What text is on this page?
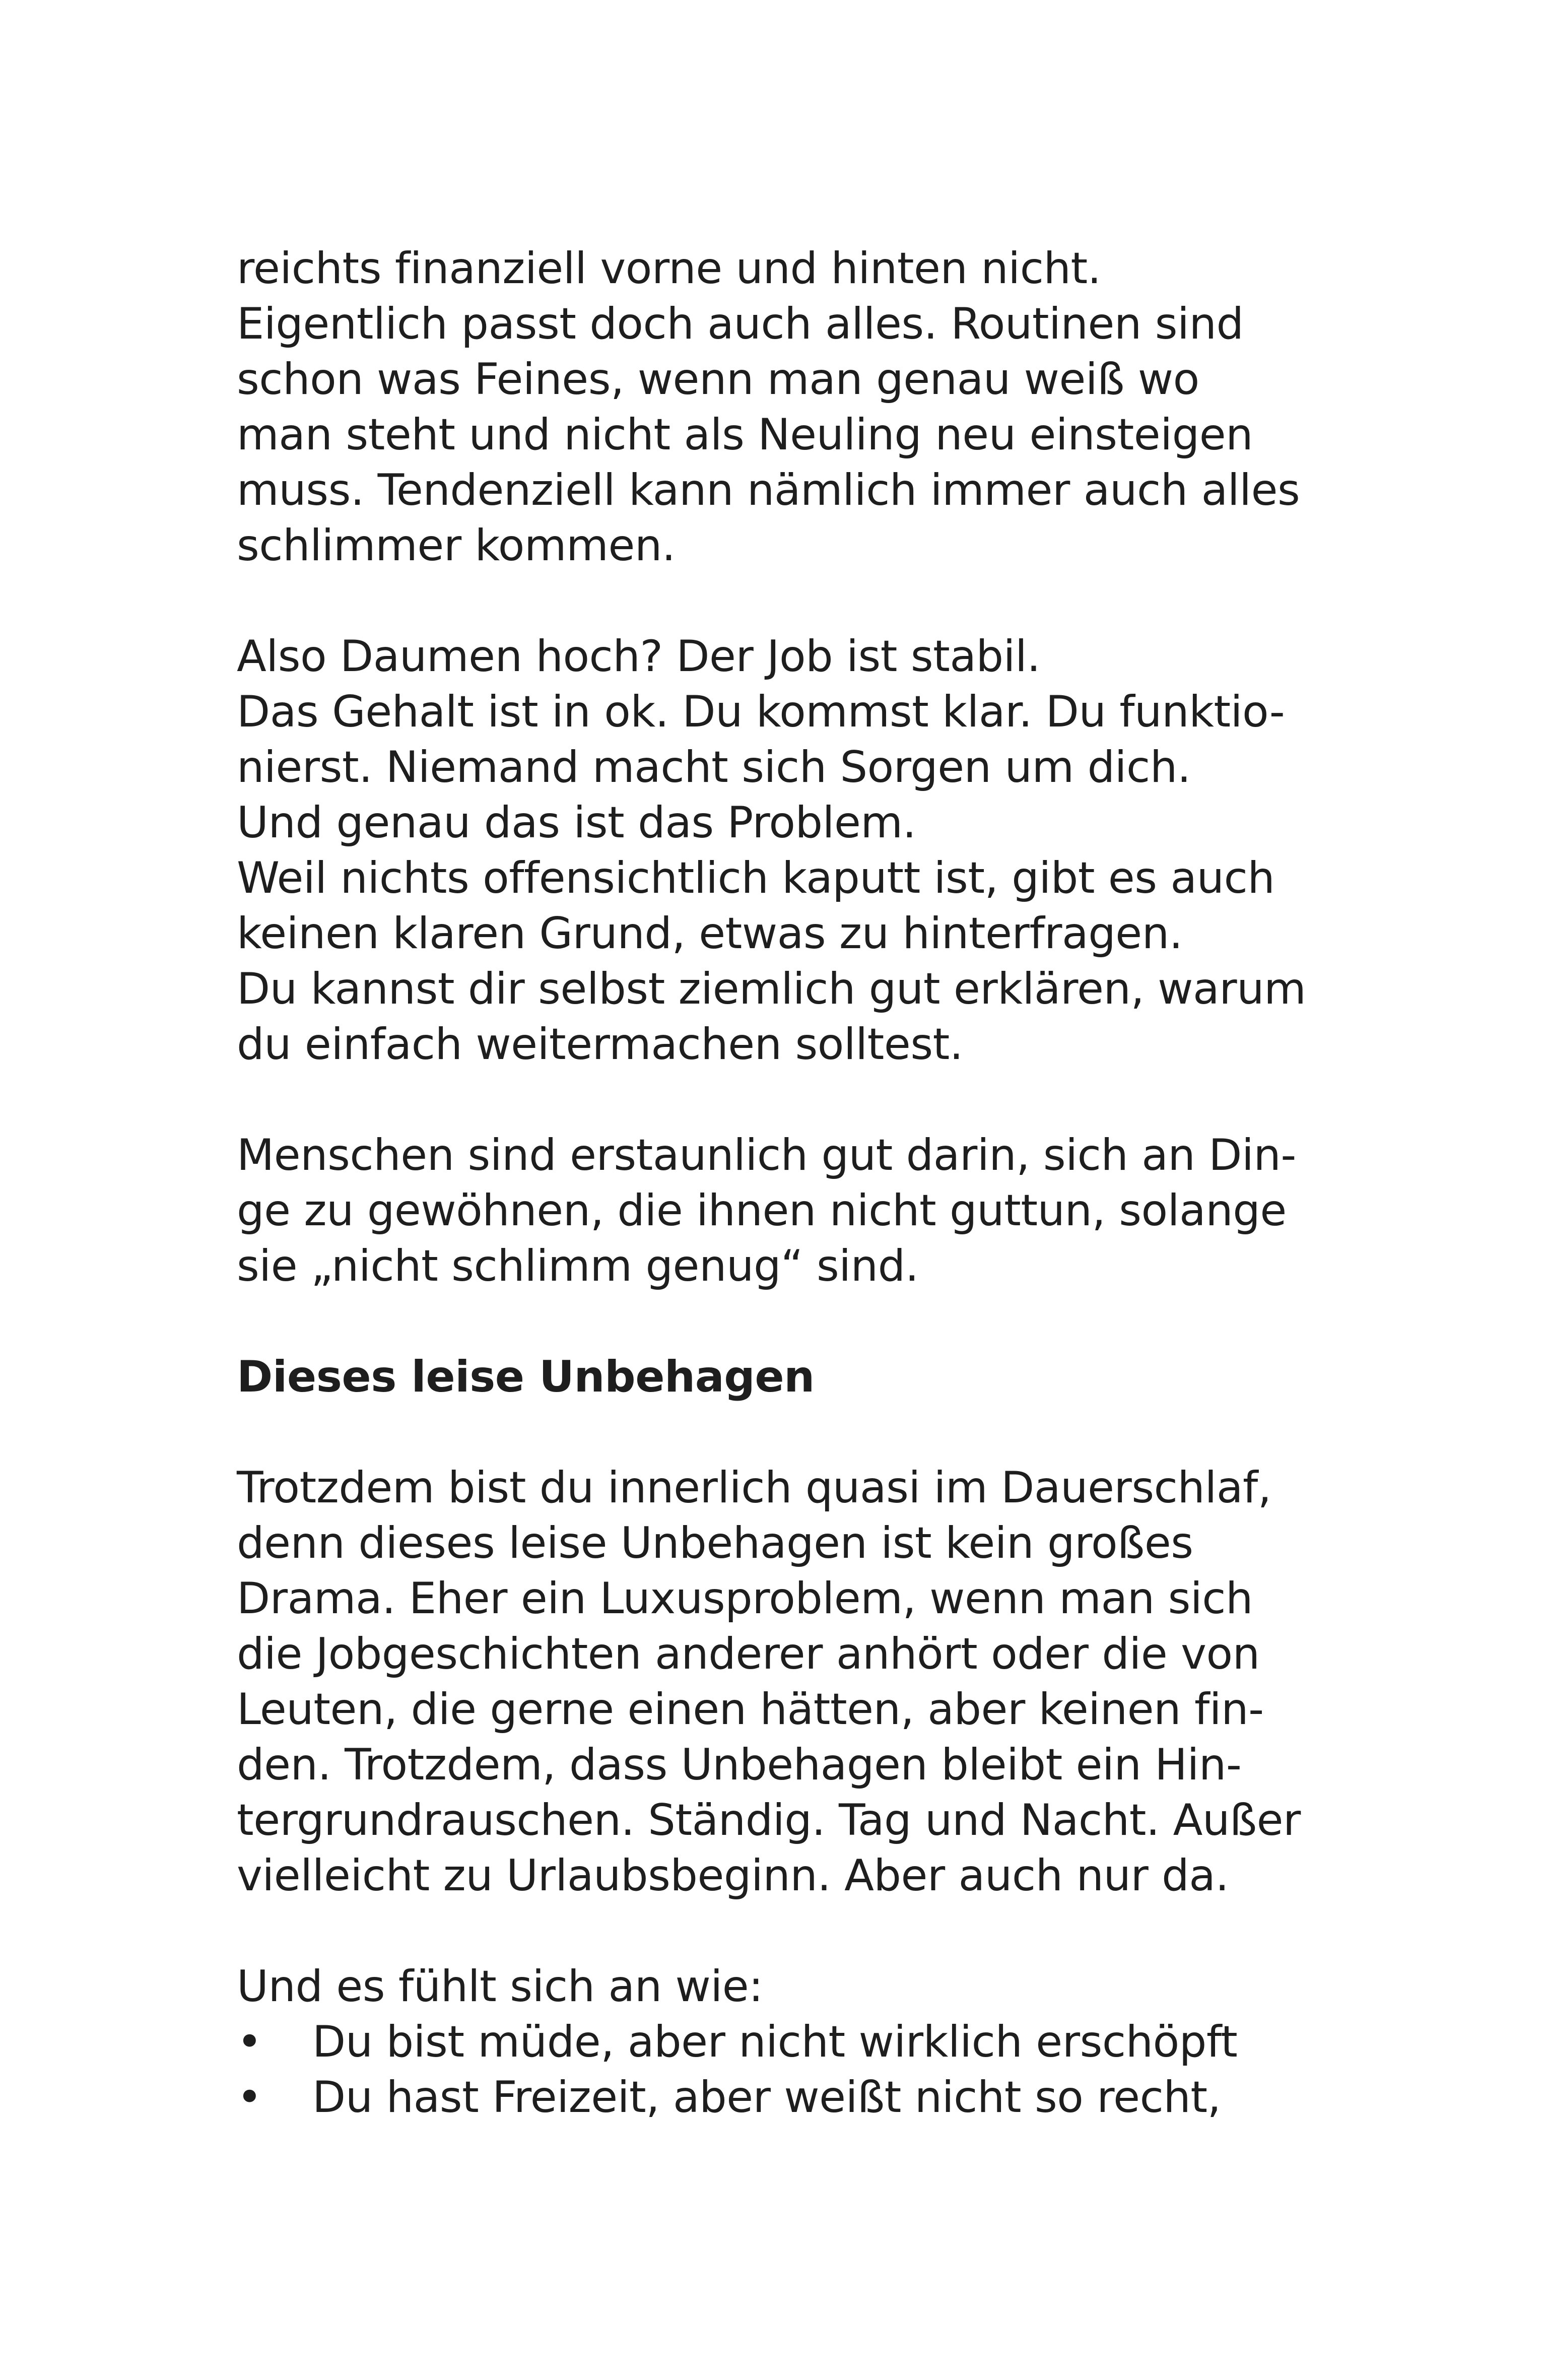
reichts finanziell vorne und hinten nicht.
Eigentlich passt doch auch alles. Routinen sind
schon was Feines, wenn man genau weiß wo
man steht und nicht als Neuling neu einsteigen
muss. Tendenziell kann nämlich immer auch alles
schlimmer kommen.
Also Daumen hoch? Der Job ist stabil.
Das Gehalt ist in ok. Du kommst klar. Du funktio-
nierst. Niemand macht sich Sorgen um dich.
Und genau das ist das Problem.
Weil nichts offensichtlich kaputt ist, gibt es auch
keinen klaren Grund, etwas zu hinterfragen.
Du kannst dir selbst ziemlich gut erklären, warum
du einfach weitermachen solltest.
Menschen sind erstaunlich gut darin, sich an Din-
ge zu gewöhnen, die ihnen nicht guttun, solange
sie „nicht schlimm genug“ sind.
Dieses leise Unbehagen
Trotzdem bist du innerlich quasi im Dauerschlaf,
denn dieses leise Unbehagen ist kein großes
Drama. Eher ein Luxusproblem, wenn man sich
die Jobgeschichten anderer anhört oder die von
Leuten, die gerne einen hätten, aber keinen fin-
den. Trotzdem, dass Unbehagen bleibt ein Hin-
tergrundrauschen. Ständig. Tag und Nacht. Außer
vielleicht zu Urlaubsbeginn. Aber auch nur da.
Und es fühlt sich an wie:
• Du bist müde, aber nicht wirklich erschöpft
• Du hast Freizeit, aber weißt nicht so recht,
